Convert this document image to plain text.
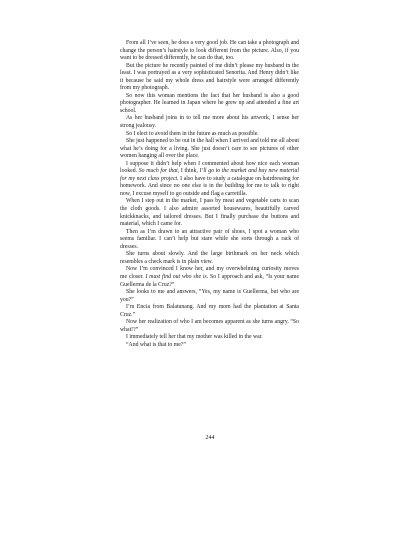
From all I’ve seen, he does a very good job. He can take a photograph and change the person’s hairstyle to look different from the picture. Also, if you want to be dressed differently, he can do that, too.

But the picture he recently painted of me didn’t please my husband in the least. I was portrayed as a very sophisticated Senorita. And Henry didn’t like it because he said my whole dress and hairstyle were arranged differently from my photograph.

So now this woman mentions the fact that her husband is also a good photographer. He learned in Japan where he grew up and attended a fine art school.

As her husband joins in to tell me more about his artwork, I sense her strong jealousy.

So I elect to avoid them in the future as much as possible.

She just happened to be out in the hall when I arrived and told me all about what he’s doing for a living. She just doesn’t care to see pictures of other women hanging all over the place.

I suppose it didn’t help when I commented about how nice each woman looked. So much for that, I think, I’ll go to the market and buy new material for my next class project. I also have to study a catalogue on hairdressing for homework. And since no one else is in the building for me to talk to right now, I excuse myself to go outside and flag a carretilla.

When I step out in the market, I pass by meat and vegetable carts to scan the cloth goods. I also admire assorted housewares, beautifully carved knickknacks, and tailored dresses. But I finally purchase the buttons and material, which I came for.

Then as I’m drawn to an attractive pair of shoes, I spot a woman who seems familiar. I can’t help but stare while she sorts through a rack of dresses.

She turns about slowly. And the large birthmark on her neck which resembles a check mark is in plain view.

Now I’m convinced I know her, and my overwhelming curiosity moves me closer. I must find out who she is. So I approach and ask, “Is your name Guellerma de la Cruz?”

She looks to me and answers, “Yes, my name is Guellerma, but who are you?”

I’m Encia from Balatunang. And my mom had the plantation at Santa Cruz.”

Now her realization of who I am becomes apparent as she turns angry. “So what!?”

I immediately tell her that my mother was killed in the war.

“And what is that to me?”

244
